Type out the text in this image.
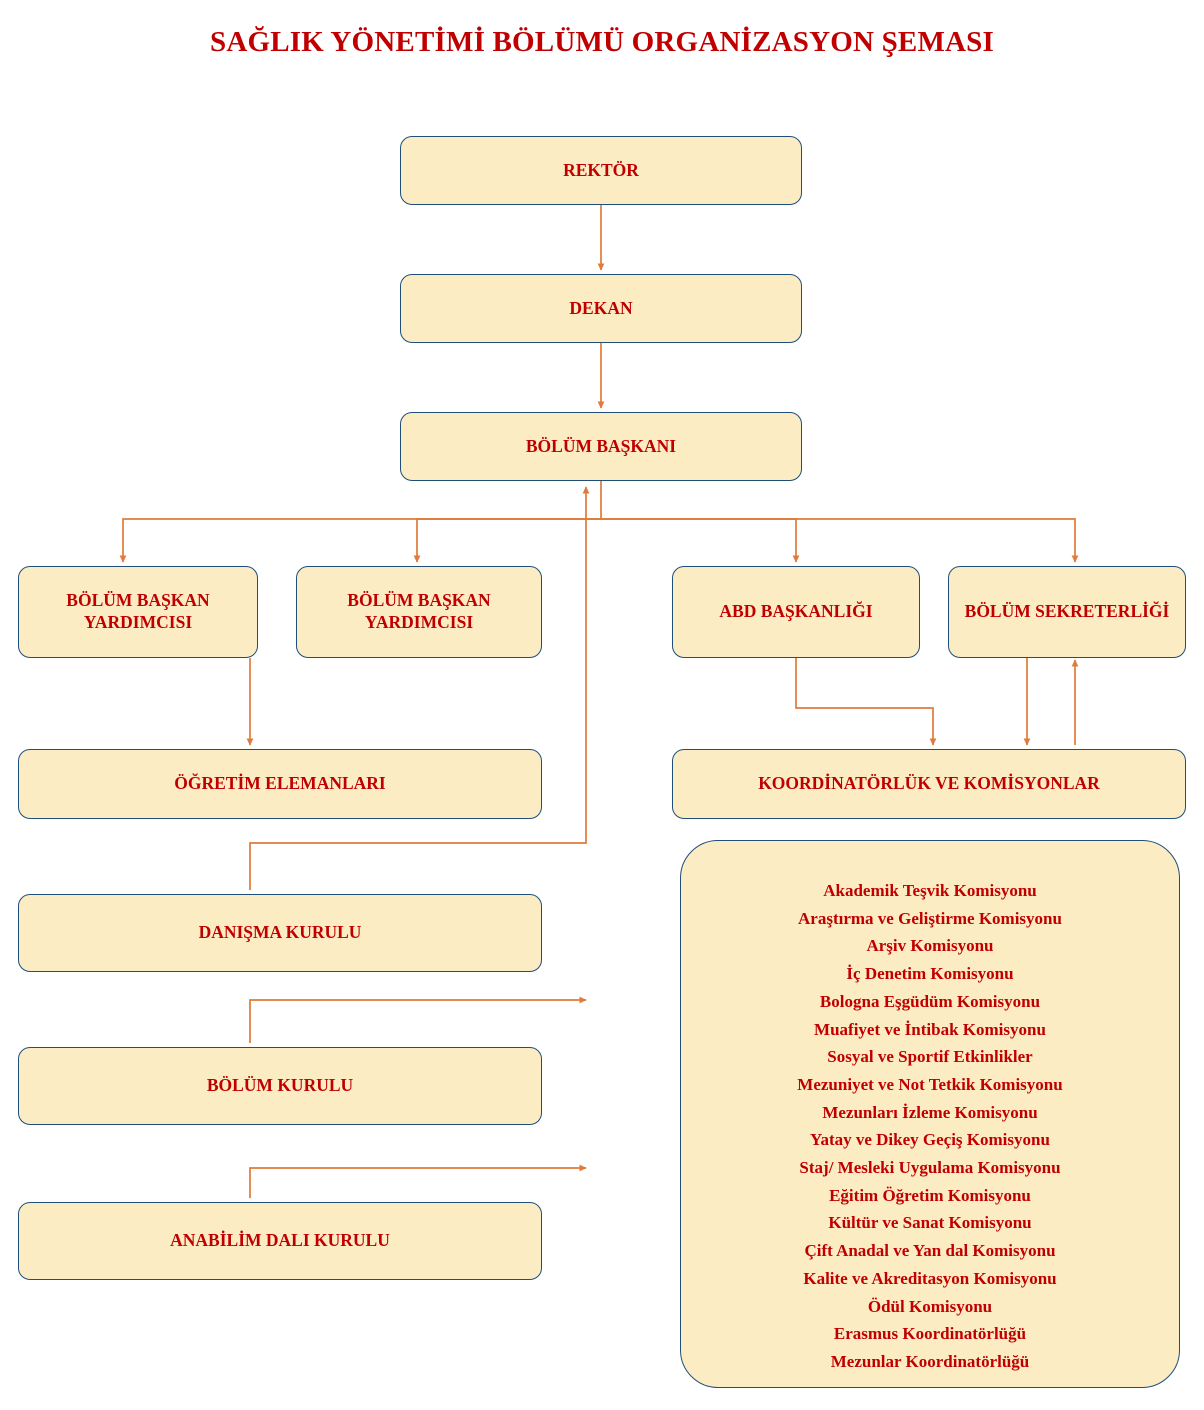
SAĞLIK YÖNETİMİ BÖLÜMÜ ORGANİZASYON ŞEMASI
REKTÖR
DEKAN
BÖLÜM BAŞKANI
BÖLÜM BAŞKAN YARDIMCISI
BÖLÜM BAŞKAN YARDIMCISI
ABD BAŞKANLIĞI	BÖLÜM SEKRETERLİĞİ
ÖĞRETİM ELEMANLARI	KOORDİNATÖRLÜK VE KOMİSYONLAR
DANIŞMA KURULU
BÖLÜM KURULU
ANABİLİM DALI KURULU
Akademik Teşvik Komisyonu
Araştırma ve Geliştirme Komisyonu
Arşiv Komisyonu
İç Denetim Komisyonu
Bologna Eşgüdüm Komisyonu
Muafiyet ve İntibak Komisyonu
Sosyal ve Sportif Etkinlikler
Mezuniyet ve Not Tetkik Komisyonu
Mezunları İzleme Komisyonu
Yatay ve Dikey Geçiş Komisyonu
Staj/ Mesleki Uygulama Komisyonu
Eğitim Öğretim Komisyonu
Kültür ve Sanat Komisyonu
Çift Anadal ve Yan dal Komisyonu
Kalite ve Akreditasyon Komisyonu
Ödül Komisyonu
Erasmus Koordinatörlüğü
Mezunlar Koordinatörlüğü
